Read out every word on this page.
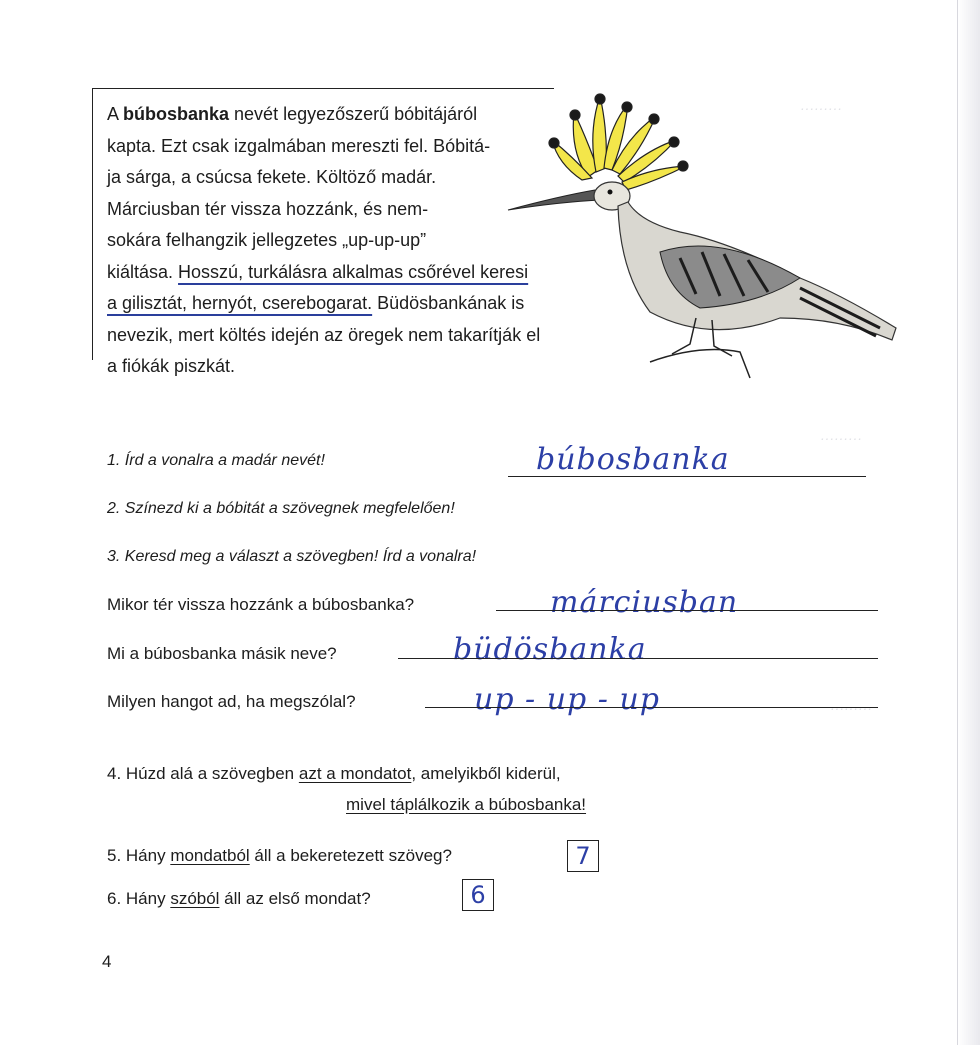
·········
·········
·········
A búbosbanka nevét legyezőszerű bóbitájáról
kapta. Ezt csak izgalmában mereszti fel. Bóbitá-
ja sárga, a csúcsa fekete. Költöző madár.
Márciusban tér vissza hozzánk, és nem-
sokára felhangzik jellegzetes „up-up-up”
kiáltása. Hosszú, turkálásra alkalmas csőrével keresi
a gilisztát, hernyót, cserebogarat. Büdösbankának is
nevezik, mert költés idején az öregek nem takarítják el
a fiókák piszkát.
1. Írd a vonalra a madár nevét!	búbosbanka
2. Színezd ki a bóbitát a szövegnek megfelelően!
3. Keresd meg a választ a szövegben! Írd a vonalra!
Mikor tér vissza hozzánk a búbosbanka?	márciusban
Mi a búbosbanka másik neve?	büdösbanka
Milyen hangot ad, ha megszólal?	up - up - up
4. Húzd alá a szövegben azt a mondatot, amelyikből kiderül,
mivel táplálkozik a búbosbanka!
5. Hány mondatból áll a bekeretezett szöveg?	7
6. Hány szóból áll az első mondat?	6
4
